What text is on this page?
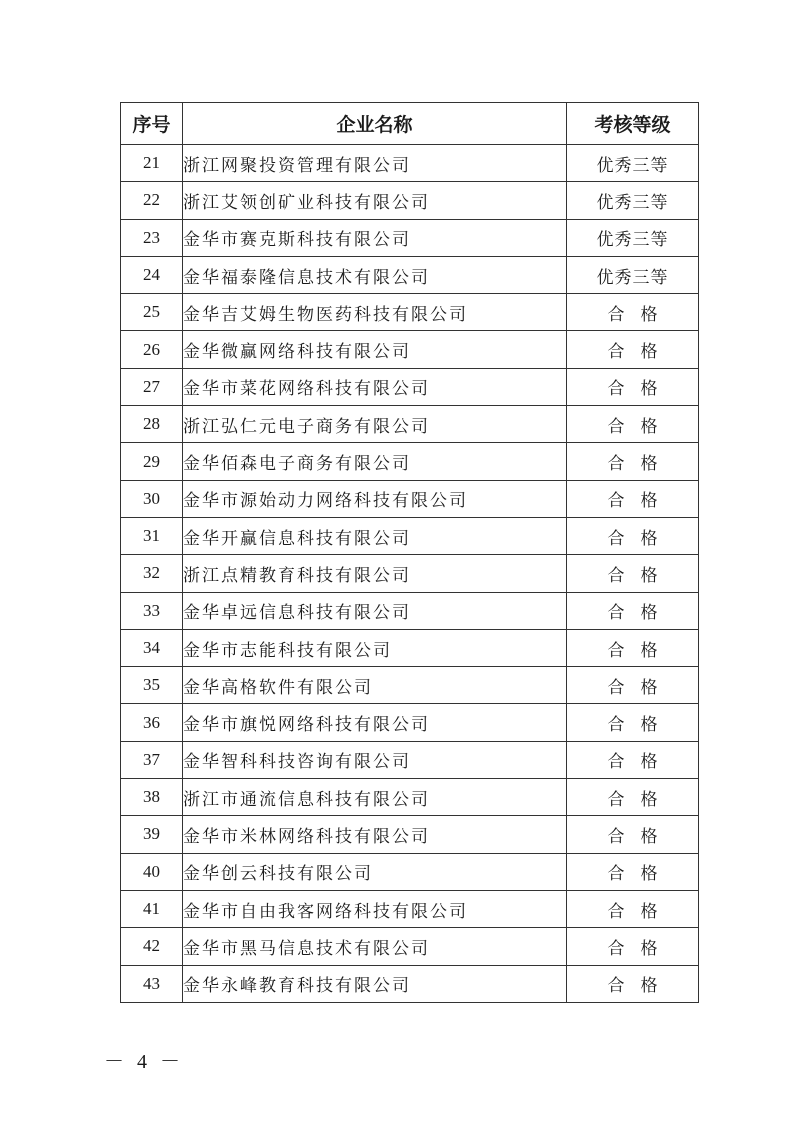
序号	企业名称	考核等级
21	浙江网聚投资管理有限公司	优秀三等
22	浙江艾领创矿业科技有限公司	优秀三等
23	金华市赛克斯科技有限公司	优秀三等
24	金华福泰隆信息技术有限公司	优秀三等
25	金华吉艾姆生物医药科技有限公司	合格
26	金华微赢网络科技有限公司	合格
27	金华市菜花网络科技有限公司	合格
28	浙江弘仁元电子商务有限公司	合格
29	金华佰森电子商务有限公司	合格
30	金华市源始动力网络科技有限公司	合格
31	金华开赢信息科技有限公司	合格
32	浙江点精教育科技有限公司	合格
33	金华卓远信息科技有限公司	合格
34	金华市志能科技有限公司	合格
35	金华高格软件有限公司	合格
36	金华市旗悦网络科技有限公司	合格
37	金华智科科技咨询有限公司	合格
38	浙江市通流信息科技有限公司	合格
39	金华市米林网络科技有限公司	合格
40	金华创云科技有限公司	合格
41	金华市自由我客网络科技有限公司	合格
42	金华市黑马信息技术有限公司	合格
43	金华永峰教育科技有限公司	合格
－ 4 －
